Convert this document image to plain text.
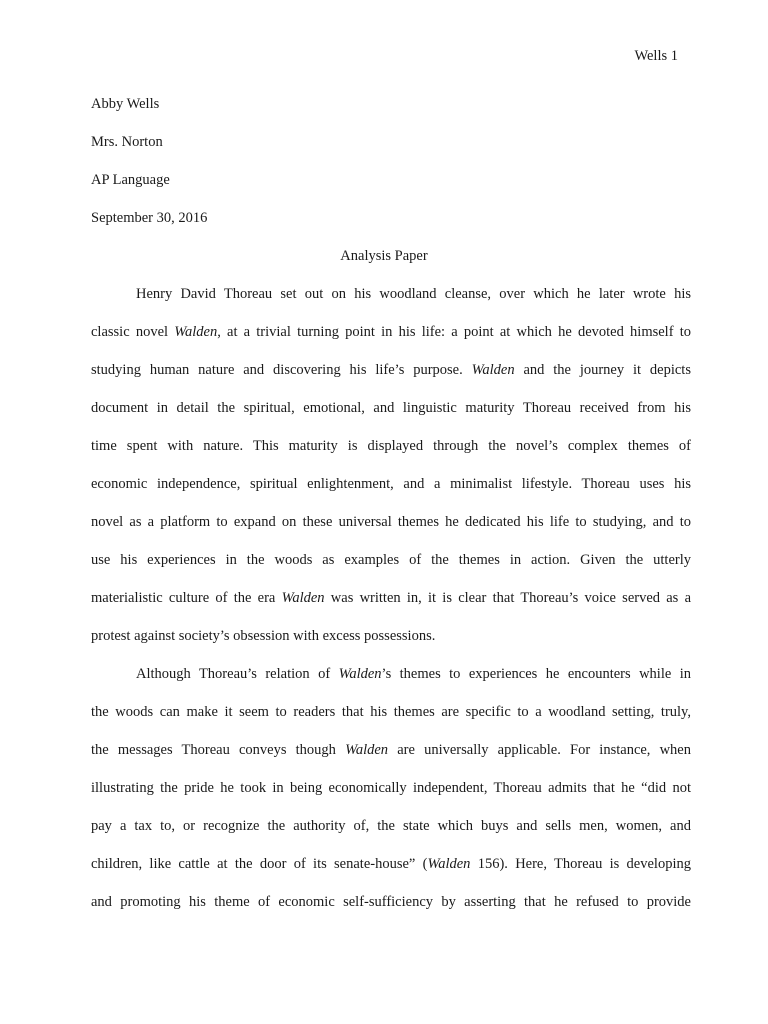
Wells 1
Abby Wells
Mrs. Norton
AP Language
September 30, 2016
Analysis Paper
Henry David Thoreau set out on his woodland cleanse, over which he later wrote his
classic novel Walden, at a trivial turning point in his life: a point at which he devoted himself to
studying human nature and discovering his life’s purpose. Walden and the journey it depicts
document in detail the spiritual, emotional, and linguistic maturity Thoreau received from his
time spent with nature. This maturity is displayed through the novel’s complex themes of
economic independence, spiritual enlightenment, and a minimalist lifestyle. Thoreau uses his
novel as a platform to expand on these universal themes he dedicated his life to studying, and to
use his experiences in the woods as examples of the themes in action. Given the utterly
materialistic culture of the era Walden was written in, it is clear that Thoreau’s voice served as a
protest against society’s obsession with excess possessions.
Although Thoreau’s relation of Walden’s themes to experiences he encounters while in
the woods can make it seem to readers that his themes are specific to a woodland setting, truly,
the messages Thoreau conveys though Walden are universally applicable. For instance, when
illustrating the pride he took in being economically independent, Thoreau admits that he “did not
pay a tax to, or recognize the authority of, the state which buys and sells men, women, and
children, like cattle at the door of its senate-house” (Walden 156). Here, Thoreau is developing
and promoting his theme of economic self-sufficiency by asserting that he refused to provide
